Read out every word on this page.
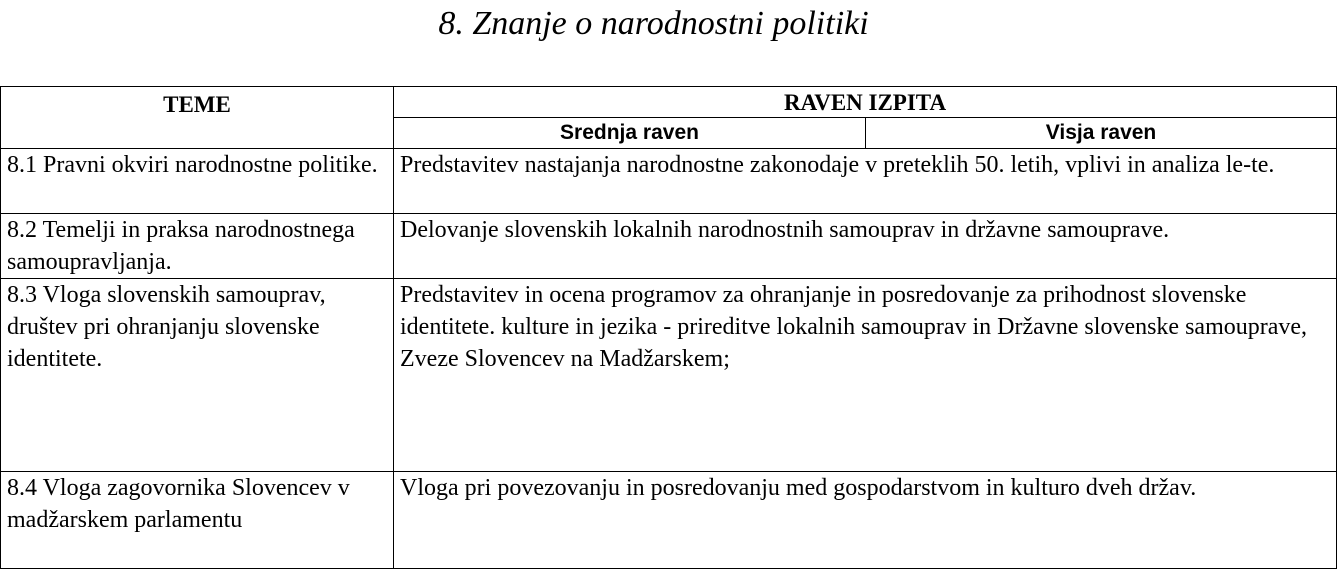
8. Znanje o narodnostni politiki
TEME	RAVEN IZPITA	
	Srednja raven	Visja raven
8.1 Pravni okviri narodnostne politike.	Predstavitev nastajanja narodnostne zakonodaje v preteklih 50. letih, vplivi in analiza le-te.	
8.2 Temelji in praksa narodnostnega samoupravljanja.	Delovanje slovenskih lokalnih narodnostnih samouprav in državne samouprave.	
8.3 Vloga slovenskih samouprav, društev pri ohranjanju slovenske identitete.	Predstavitev in ocena programov za ohranjanje in posredovanje za prihodnost slovenske identitete. kulture in jezika - prireditve lokalnih samouprav in Državne slovenske samouprave, Zveze Slovencev na Madžarskem;	
8.4 Vloga zagovornika Slovencev v madžarskem parlamentu	Vloga pri povezovanju in posredovanju med gospodarstvom in kulturo dveh držav.	
